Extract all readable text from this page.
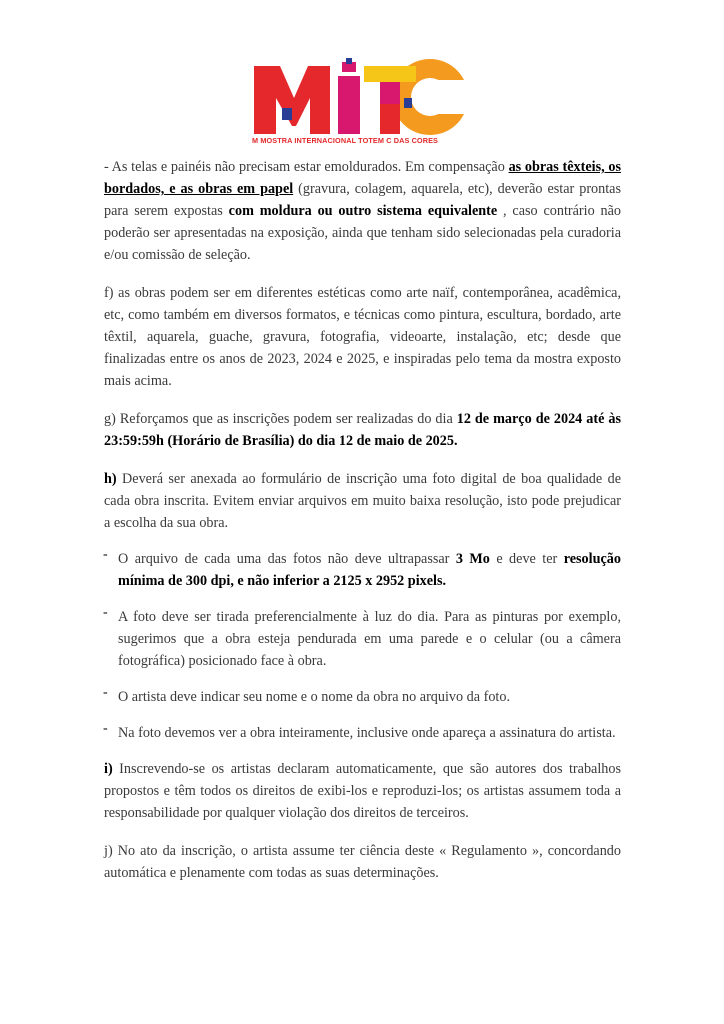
M MOSTRA INTERNACIONAL TOTEM C DAS CORES

- As telas e painéis não precisam estar emoldurados. Em compensação as obras têxteis, os bordados, e as obras em papel (gravura, colagem, aquarela, etc), deverão estar prontas para serem expostas com moldura ou outro sistema equivalente , caso contrário não poderão ser apresentadas na exposição, ainda que tenham sido selecionadas pela curadoria e/ou comissão de seleção.

f) as obras podem ser em diferentes estéticas como arte naïf, contemporânea, acadêmica, etc, como também em diversos formatos, e técnicas como pintura, escultura, bordado, arte têxtil, aquarela, guache, gravura, fotografia, videoarte, instalação, etc; desde que finalizadas entre os anos de 2023, 2024 e 2025, e inspiradas pelo tema da mostra exposto mais acima.

g) Reforçamos que as inscrições podem ser realizadas do dia 12 de março de 2024 até às 23:59:59h (Horário de Brasília) do dia 12 de maio de 2025.

h) Deverá ser anexada ao formulário de inscrição uma foto digital de boa qualidade de cada obra inscrita. Evitem enviar arquivos em muito baixa resolução, isto pode prejudicar a escolha da sua obra.

- O arquivo de cada uma das fotos não deve ultrapassar 3 Mo e deve ter resolução mínima de 300 dpi, e não inferior a 2125 x 2952 pixels.

- A foto deve ser tirada preferencialmente à luz do dia. Para as pinturas por exemplo, sugerimos que a obra esteja pendurada em uma parede e o celular (ou a câmera fotográfica) posicionado face à obra.

- O artista deve indicar seu nome e o nome da obra no arquivo da foto.

- Na foto devemos ver a obra inteiramente, inclusive onde apareça a assinatura do artista.

i) Inscrevendo-se os artistas declaram automaticamente, que são autores dos trabalhos propostos e têm todos os direitos de exibi-los e reproduzi-los; os artistas assumem toda a responsabilidade por qualquer violação dos direitos de terceiros.

j) No ato da inscrição, o artista assume ter ciência deste « Regulamento », concordando automática e plenamente com todas as suas determinações.
